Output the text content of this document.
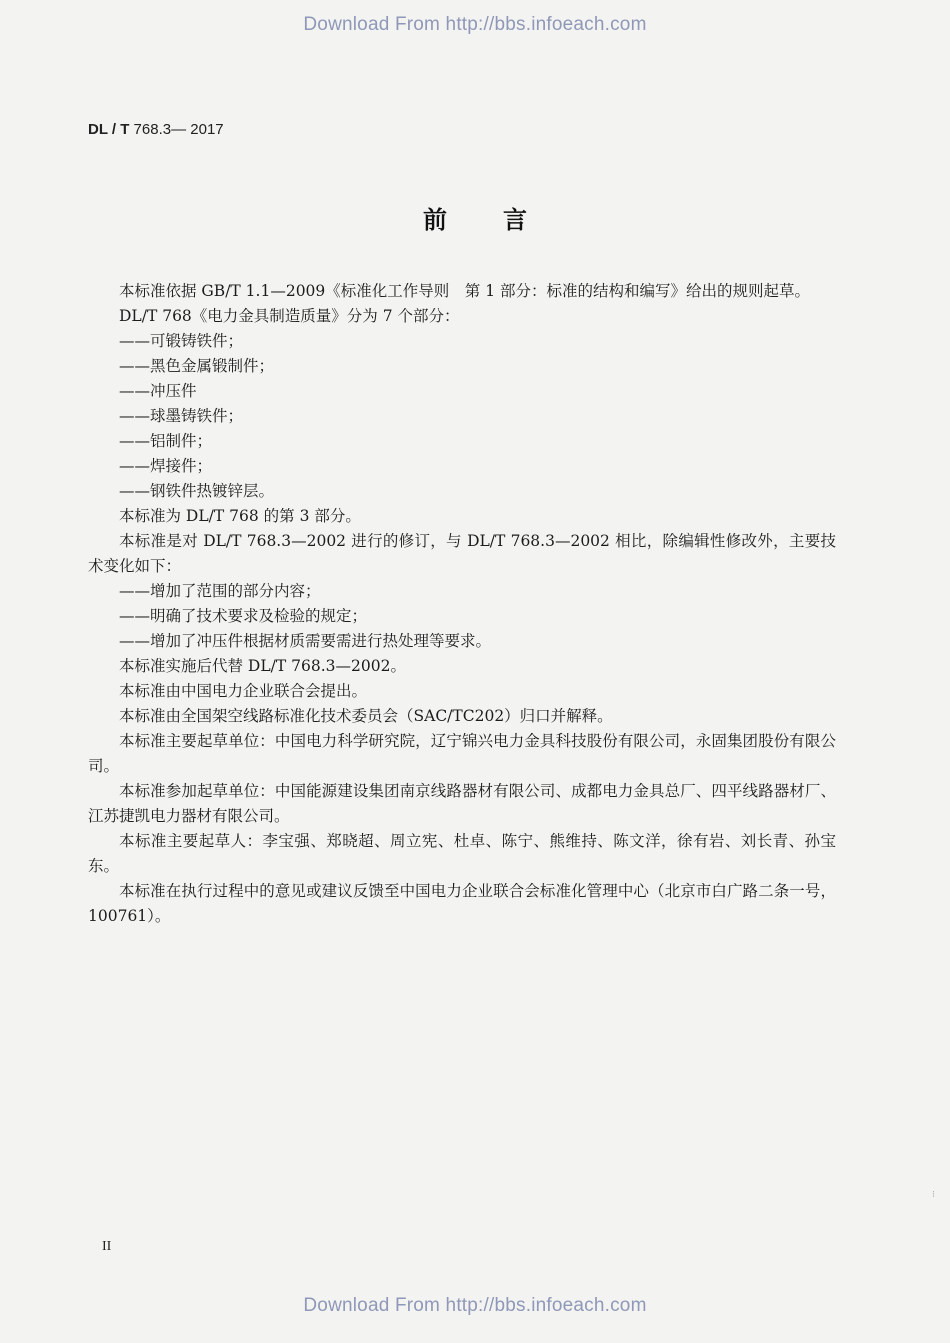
Download From http://bbs.infoeach.com
DL / T 768.3— 2017
前言

本标准依据 GB/T 1.1—2009《标准化工作导则　第 1 部分：标准的结构和编写》给出的规则起草。

DL/T 768《电力金具制造质量》分为 7 个部分：

——可锻铸铁件；

——黑色金属锻制件；

——冲压件

——球墨铸铁件；

——铝制件；

——焊接件；

——钢铁件热镀锌层。

本标准为 DL/T 768 的第 3 部分。

本标准是对 DL/T 768.3—2002 进行的修订，与 DL/T 768.3—2002 相比，除编辑性修改外，主要技术变化如下：

——增加了范围的部分内容；

——明确了技术要求及检验的规定；

——增加了冲压件根据材质需要需进行热处理等要求。

本标准实施后代替 DL/T 768.3—2002。

本标准由中国电力企业联合会提出。

本标准由全国架空线路标准化技术委员会（SAC/TC202）归口并解释。

本标准主要起草单位：中国电力科学研究院，辽宁锦兴电力金具科技股份有限公司，永固集团股份有限公司。

本标准参加起草单位：中国能源建设集团南京线路器材有限公司、成都电力金具总厂、四平线路器材厂、江苏捷凯电力器材有限公司。

本标准主要起草人：李宝强、郑晓超、周立宪、杜卓、陈宁、熊维持、陈文洋，徐有岩、刘长青、孙宝东。

本标准在执行过程中的意见或建议反馈至中国电力企业联合会标准化管理中心（北京市白广路二条一号，100761）。

II
⁝
Download From http://bbs.infoeach.com
